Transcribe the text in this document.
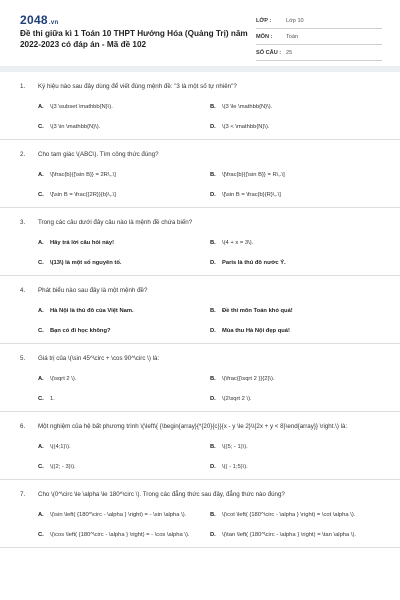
2048.vn
Đề thi giữa kì 1 Toán 10 THPT Hướng Hóa (Quảng Trị) năm 2022-2023 có đáp án - Mã đề 102
LỚP :	Lớp 10
MÔN :	Toán
SỐ CÂU : 25
1.	Ký hiệu nào sau đây dùng để viết đúng mệnh đề: "3 là một số tự nhiên"?
A.	\(3 \subset \mathbb{N}\).	B.	\(3 \le \mathbb{N}\).
C.	\(3 \in \mathbb{N}\).	D.	\(3 < \mathbb{N}\).
2.	Cho tam giác \(ABC\). Tìm công thức đúng?
A.	\[\frac{b}{{\sin B}} = 2R\,.\]	B.	\[\frac{b}{{\sin B}} = R\,.\]
C.	\[\sin B = \frac{{2R}}{b}\,.\]	D.	\[\sin B = \frac{b}{R}\,.\]
3.	Trong các câu dưới đây câu nào là mệnh đề chứa biến?
A.	Hãy trả lời câu hỏi này!	B.	\(4 + x = 3\).
C.	\(13\) là một số nguyên tố.	D.	Paris là thủ đô nước Ý.
4.	Phát biểu nào sau đây là một mệnh đề?
A.	Hà Nội là thủ đô của Việt Nam.	B.	Đề thi môn Toán khó quá!
C.	Bạn có đi học không?	D.	Mùa thu Hà Nội đẹp quá!
5.	Giá trị của \(\sin 45^\circ + \cos 90^\circ \) là:
A.	\(\sqrt 2 \).	B.	\(\frac{{\sqrt 2 }}{2}\).
C.	1.	D.	\(2\sqrt 2 \).
6.	Một nghiệm của hệ bất phương trình \(\left\{ {\begin{array}{*{20}{c}}{x - y \le 2}\\{2x + y < 8}\end{array}} \right.\) là:
A.	\((4;1)\).	B.	\((5; - 1)\).
C.	\((2; - 3)\).	D.	\(( - 1;5)\).
7.	Cho \(0^\circ \le \alpha \le 180^\circ \). Trong các đẳng thức sau đây, đẳng thức nào đúng?
A.	\(\sin \left( {180^\circ - \alpha } \right) = - \sin \alpha \).	B.	\(\cot \left( {180^\circ - \alpha } \right) = \cot \alpha \).
C.	\(\cos \left( {180^\circ - \alpha } \right) = - \cos \alpha \).	D.	\(\tan \left( {180^\circ - \alpha } \right) = \tan \alpha \).
